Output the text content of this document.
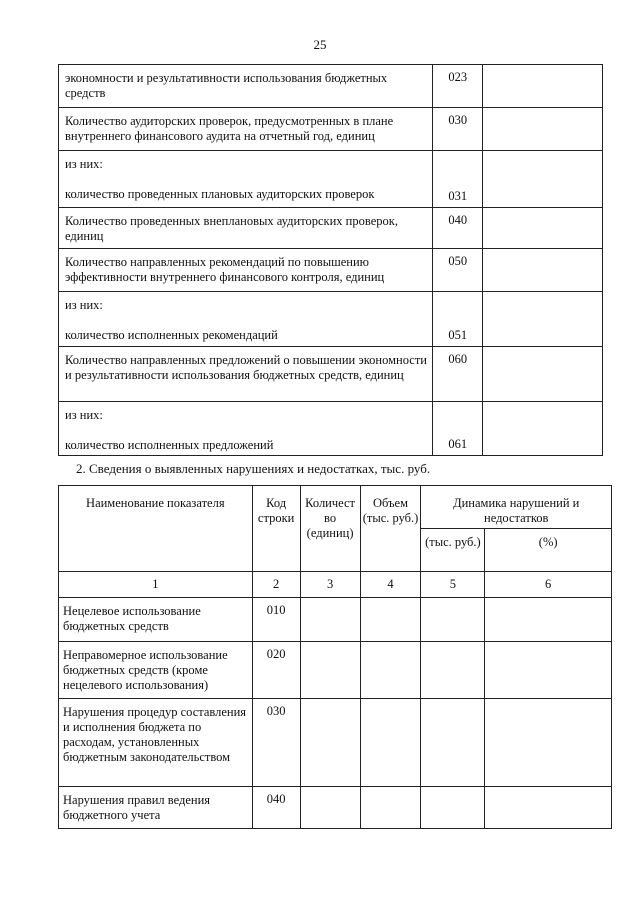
25
экономности и результативности использования бюджетных средств	023	
Количество аудиторских проверок, предусмотренных в плане внутреннего финансового аудита на отчетный год, единиц	030	

из них:
количество проведенных плановых аудиторских проверок	031	
Количество проведенных внеплановых аудиторских проверок, единиц	040	
Количество направленных рекомендаций по повышению эффективности внутреннего финансового контроля, единиц	050	

из них:
количество исполненных рекомендаций	051	
Количество направленных предложений о повышении экономности и результативности использования бюджетных средств, единиц	060	

из них:
количество исполненных предложений	061	
2. Сведения о выявленных нарушениях и недостатках, тыс. руб.
Наименование показателя	Код строки	Количест во (единиц)	Объем (тыс. руб.)	Динамика нарушений и недостатков	
				(тыс. руб.)	(%)
1	2	3	4	5	6
Нецелевое использование бюджетных средств	010				
Неправомерное использование бюджетных средств (кроме нецелевого использования)	020				
Нарушения процедур составления и исполнения бюджета по расходам, установленных бюджетным законодательством	030				
Нарушения правил ведения бюджетного учета	040				
